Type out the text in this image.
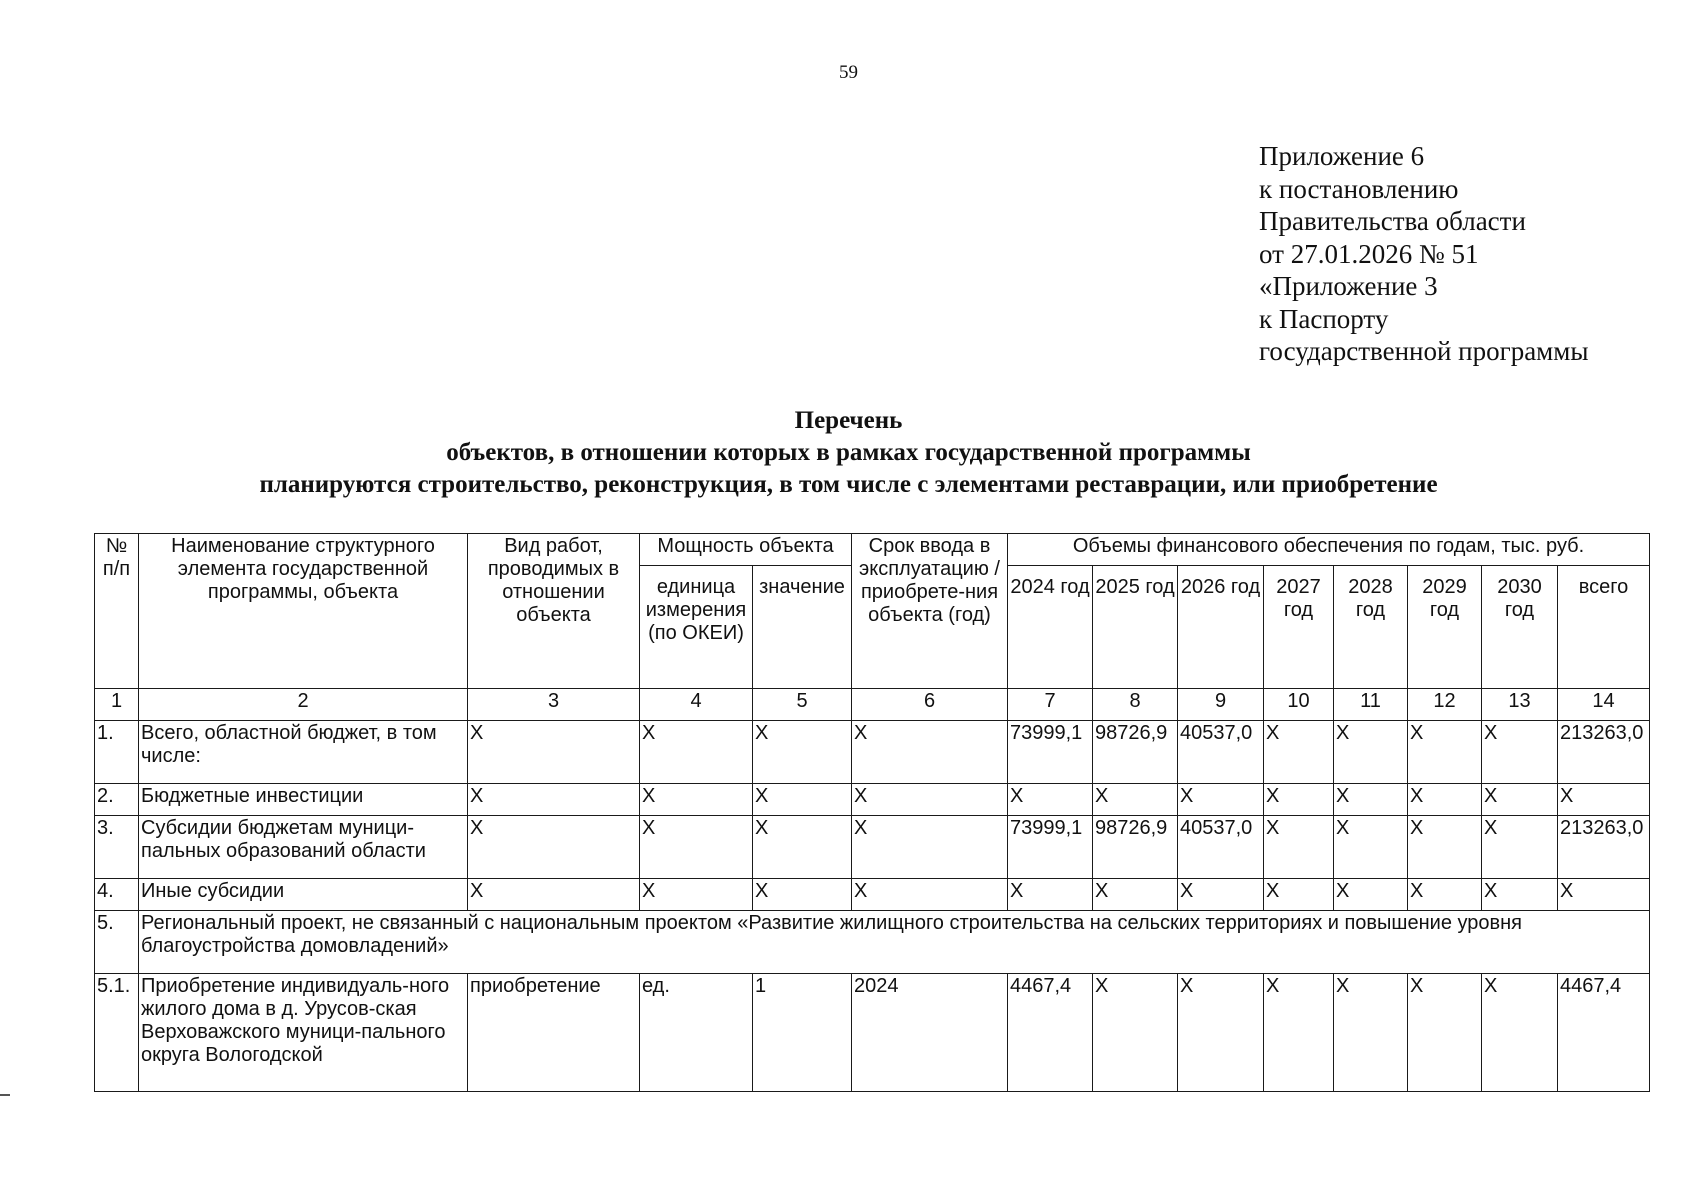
59
Приложение 6
к постановлению
Правительства области
от 27.01.2026 № 51
«Приложение 3
к Паспорту
государственной программы
Перечень
объектов, в отношении которых в рамках государственной программы
планируются строительство, реконструкция, в том числе с элементами реставрации, или приобретение
№ п/п	Наименование структурного элемента государственной программы, объекта	Вид работ, проводимых в отношении объекта	Мощность объекта		Срок ввода в эксплуатацию / приобрете-ния объекта (год)	Объемы финансового обеспечения по годам, тыс. руб.							
			единица измерения (по ОКЕИ)	значение		2024 год	2025 год	2026 год	2027 год	2028 год	2029 год	2030 год	всего
1	2	3	4	5	6	7	8	9	10	11	12	13	14
1.	Всего, областной бюджет, в том числе:	X	X	X	X	73999,1	98726,9	40537,0	X	X	X	X	213263,0
2.	Бюджетные инвестиции	X	X	X	X	X	X	X	X	X	X	X	X
3.	Субсидии бюджетам муници-пальных образований области	X	X	X	X	73999,1	98726,9	40537,0	X	X	X	X	213263,0
4.	Иные субсидии	X	X	X	X	X	X	X	X	X	X	X	X
5.	Региональный проект, не связанный с национальным проектом «Развитие жилищного строительства на сельских территориях и повышение уровня благоустройства домовладений»												
5.1.	Приобретение индивидуаль-ного жилого дома в д. Урусов-ская Верховажского муници-пального округа Вологодской	приобретение	ед.	1	2024	4467,4	X	X	X	X	X	X	4467,4
